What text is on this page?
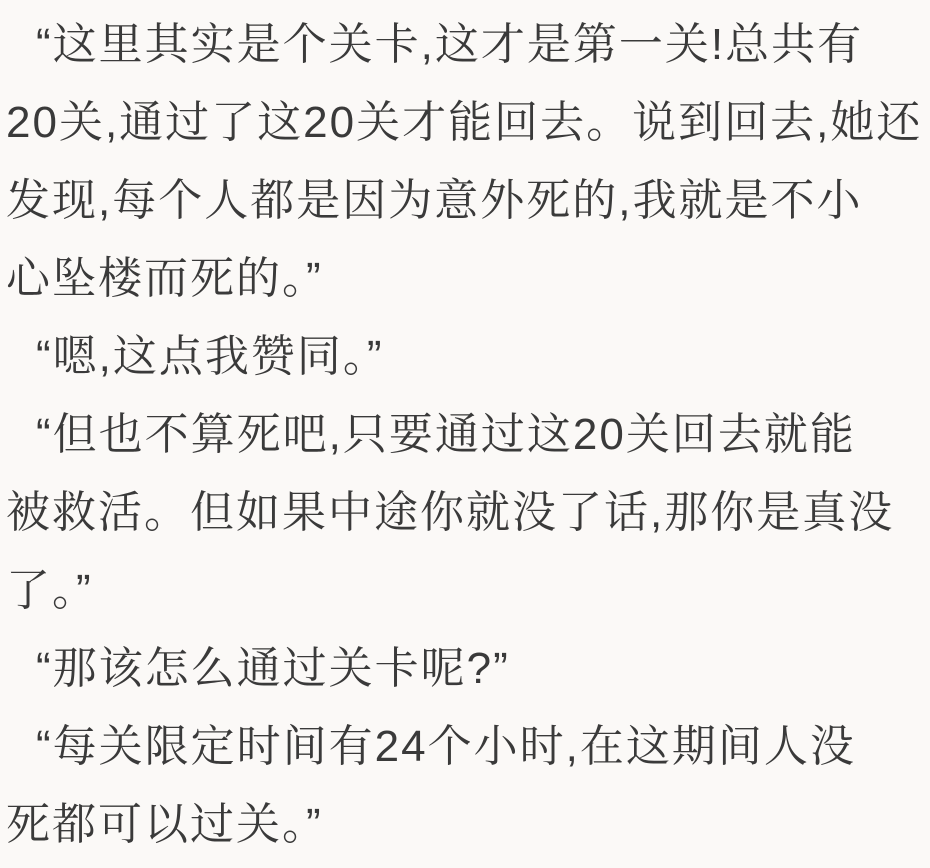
“这里其实是个关卡,这才是第一关!总共有
20关,通过了这20关才能回去。说到回去,她还
发现,每个人都是因为意外死的,我就是不小
心坠楼而死的。”
“嗯,这点我赞同。”
“但也不算死吧,只要通过这20关回去就能
被救活。但如果中途你就没了话,那你是真没
了。”
“那该怎么通过关卡呢?”
“每关限定时间有24个小时,在这期间人没
死都可以过关。”
